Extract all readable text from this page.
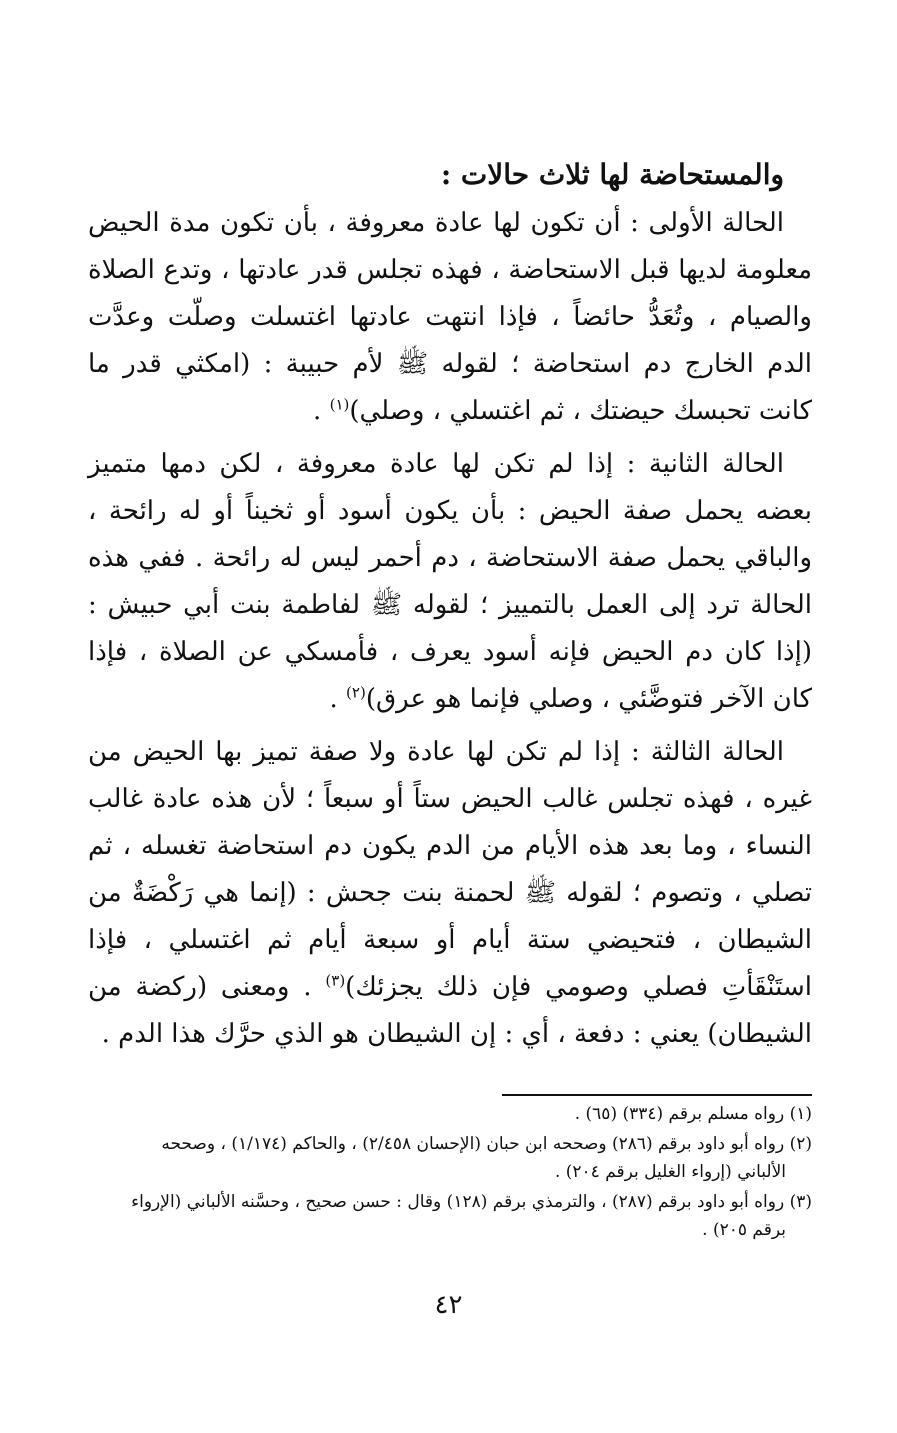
والمستحاضة لها ثلاث حالات :
الحالة الأولى : أن تكون لها عادة معروفة ، بأن تكون مدة الحيض معلومة لديها قبل الاستحاضة ، فهذه تجلس قدر عادتها ، وتدع الصلاة والصيام ، وتُعَدُّ حائضاً ، فإذا انتهت عادتها اغتسلت وصلّت وعدَّت الدم الخارج دم استحاضة ؛ لقوله ﷺ لأم حبيبة : (امكثي قدر ما كانت تحبسك حيضتك ، ثم اغتسلي ، وصلي)$^{(١)}$ .
الحالة الثانية : إذا لم تكن لها عادة معروفة ، لكن دمها متميز بعضه يحمل صفة الحيض : بأن يكون أسود أو ثخيناً أو له رائحة ، والباقي يحمل صفة الاستحاضة ، دم أحمر ليس له رائحة . ففي هذه الحالة ترد إلى العمل بالتمييز ؛ لقوله ﷺ لفاطمة بنت أبي حبيش : (إذا كان دم الحيض فإنه أسود يعرف ، فأمسكي عن الصلاة ، فإذا كان الآخر فتوضَّئي ، وصلي فإنما هو عرق)$^{(٢)}$ .
الحالة الثالثة : إذا لم تكن لها عادة ولا صفة تميز بها الحيض من غيره ، فهذه تجلس غالب الحيض ستاً أو سبعاً ؛ لأن هذه عادة غالب النساء ، وما بعد هذه الأيام من الدم يكون دم استحاضة تغسله ، ثم تصلي ، وتصوم ؛ لقوله ﷺ لحمنة بنت جحش : (إنما هي رَكْضَةٌ من الشيطان ، فتحيضي ستة أيام أو سبعة أيام ثم اغتسلي ، فإذا استَنْقَأتِ فصلي وصومي فإن ذلك يجزئك)$^{(٣)}$ . ومعنى (ركضة من الشيطان) يعني : دفعة ، أي : إن الشيطان هو الذي حرَّك هذا الدم .
(١) رواه مسلم برقم (٣٣٤) (٦٥) .
(٢) رواه أبو داود برقم (٢٨٦) وصححه ابن حبان (الإحسان ٢/٤٥٨) ، والحاكم (١/١٧٤) ، وصححه
الألباني (إرواء الغليل برقم ٢٠٤) .
(٣) رواه أبو داود برقم (٢٨٧) ، والترمذي برقم (١٢٨) وقال : حسن صحيح ، وحسَّنه الألباني (الإرواء
برقم ٢٠٥) .
٤٢
